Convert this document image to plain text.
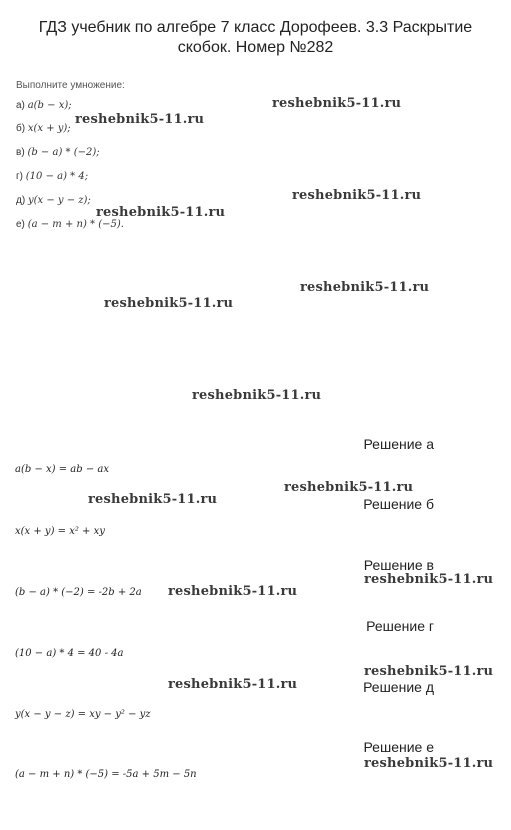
ГДЗ учебник по алгебре 7 класс Дорофеев. 3.3 Раскрытие скобок. Номер №282
Выполните умножение:
а) a(b − x);
б) x(x + y);
в) (b − a) * (−2);
г) (10 − a) * 4;
д) y(x − y − z);
е) (a − m + n) * (−5).
reshebnik5-11.ru
reshebnik5-11.ru
reshebnik5-11.ru
reshebnik5-11.ru
reshebnik5-11.ru
reshebnik5-11.ru
reshebnik5-11.ru
reshebnik5-11.ru
reshebnik5-11.ru
reshebnik5-11.ru
reshebnik5-11.ru
reshebnik5-11.ru
reshebnik5-11.ru
reshebnik5-11.ru
Решение а
a(b − x) = ab − ax
Решение б
x(x + y) = x² + xy
Решение в
(b − a) * (−2) = -2b + 2a
Решение г
(10 − a) * 4 = 40 - 4a
Решение д
y(x − y − z) = xy − y² − yz
Решение е
(a − m + n) * (−5) = -5a + 5m − 5n
